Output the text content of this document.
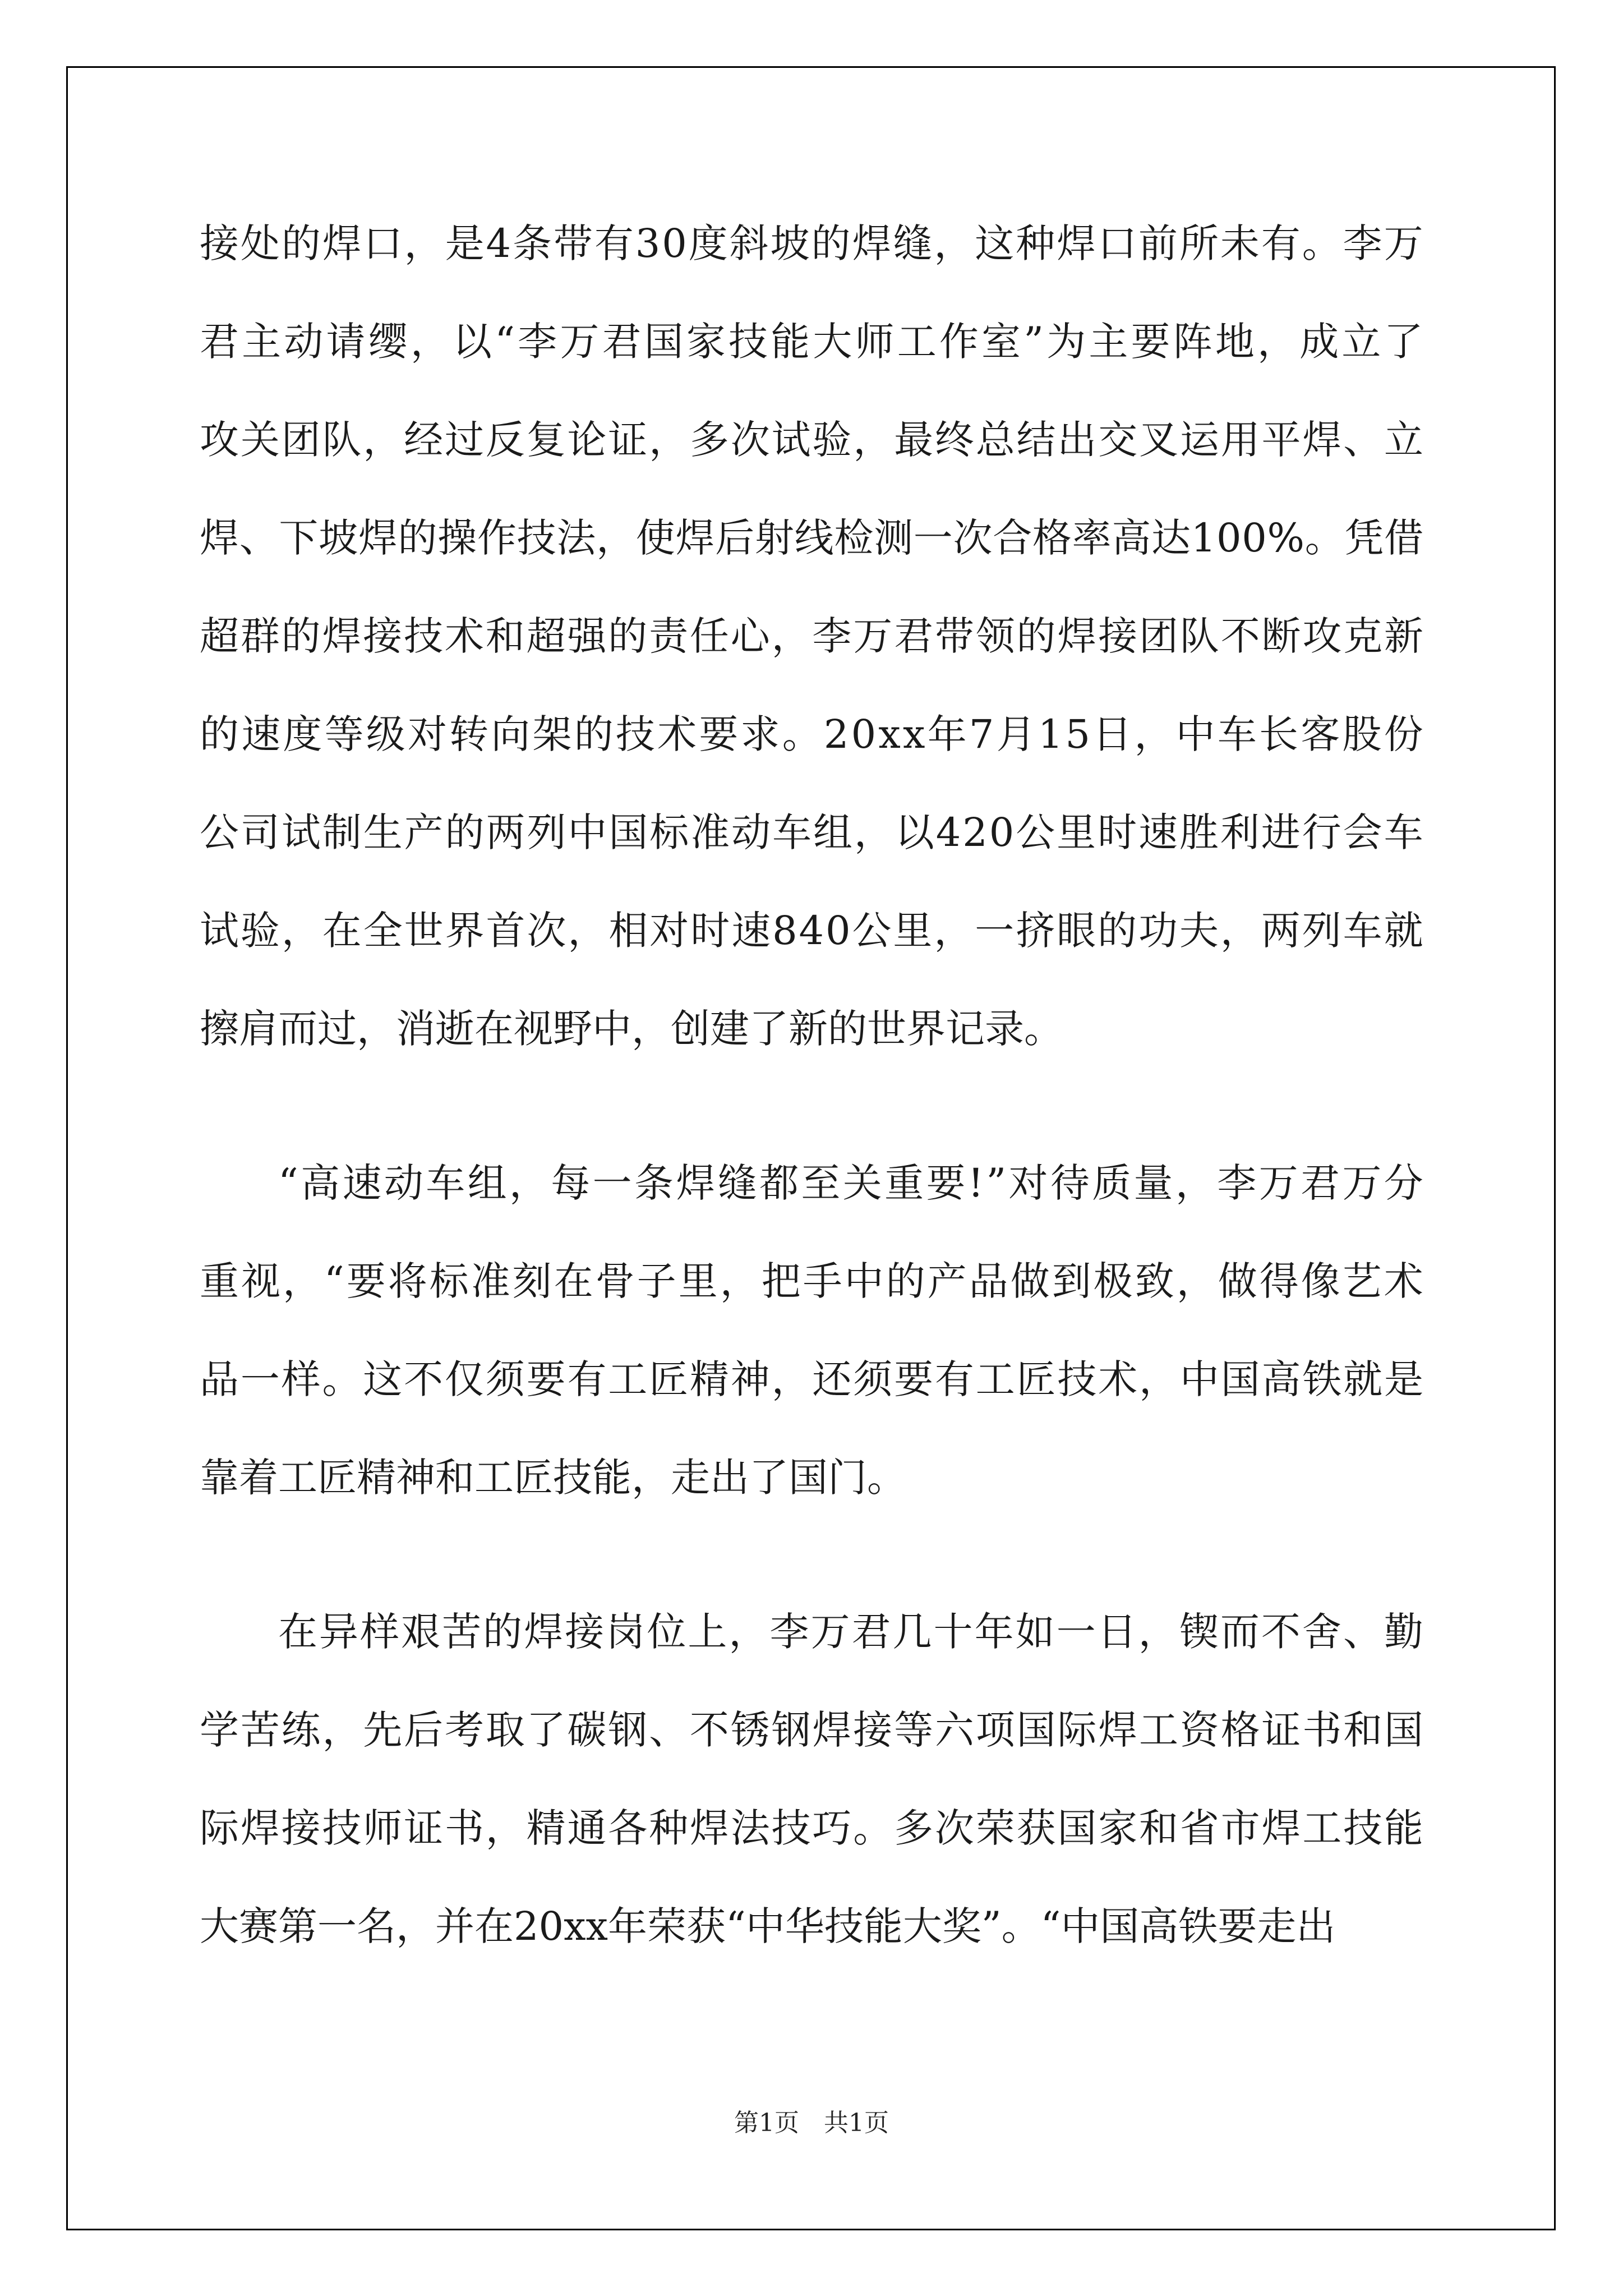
接处的焊口，是4条带有30度斜坡的焊缝，这种焊口前所未有。李万
君主动请缨，以“李万君国家技能大师工作室”为主要阵地，成立了
攻关团队，经过反复论证，多次试验，最终总结出交叉运用平焊、立
焊、下坡焊的操作技法，使焊后射线检测一次合格率高达100%。凭借
超群的焊接技术和超强的责任心，李万君带领的焊接团队不断攻克新
的速度等级对转向架的技术要求。20xx年7月15日，中车长客股份
公司试制生产的两列中国标准动车组，以420公里时速胜利进行会车
试验，在全世界首次，相对时速840公里，一挤眼的功夫，两列车就
擦肩而过，消逝在视野中，创建了新的世界记录。
“高速动车组，每一条焊缝都至关重要!”对待质量，李万君万分
重视，“要将标准刻在骨子里，把手中的产品做到极致，做得像艺术
品一样。这不仅须要有工匠精神，还须要有工匠技术，中国高铁就是
靠着工匠精神和工匠技能，走出了国门。
在异样艰苦的焊接岗位上，李万君几十年如一日，锲而不舍、勤
学苦练，先后考取了碳钢、不锈钢焊接等六项国际焊工资格证书和国
际焊接技师证书，精通各种焊法技巧。多次荣获国家和省市焊工技能
大赛第一名，并在20xx年荣获“中华技能大奖”。“中国高铁要走出
第1页 共1页
